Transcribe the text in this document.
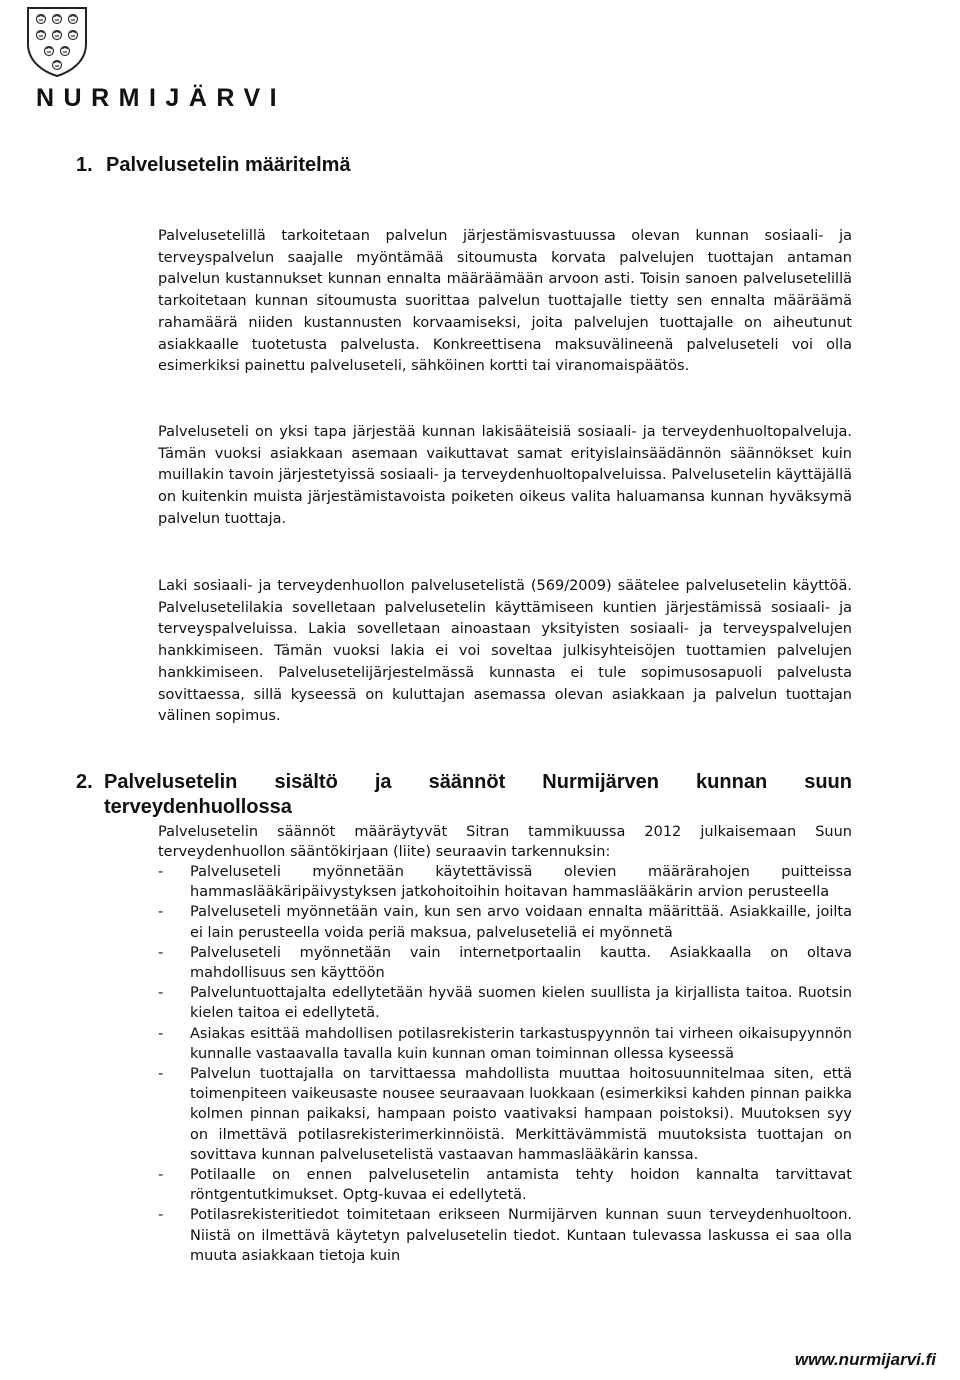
NURMIJÄRVI
1. Palvelusetelin määritelmä

Palvelusetelillä tarkoitetaan palvelun järjestämisvastuussa olevan kunnan sosiaali- ja terveyspalvelun saajalle myöntämää sitoumusta korvata palvelujen tuottajan antaman palvelun kustannukset kunnan ennalta määräämään arvoon asti. Toisin sanoen palvelusetelillä tarkoitetaan kunnan sitoumusta suorittaa palvelun tuottajalle tietty sen ennalta määräämä rahamäärä niiden kustannusten korvaamiseksi, joita palvelujen tuottajalle on aiheutunut asiakkaalle tuotetusta palvelusta. Konkreettisena maksuvälineenä palveluseteli voi olla esimerkiksi painettu palveluseteli, sähköinen kortti tai viranomaispäätös.

Palveluseteli on yksi tapa järjestää kunnan lakisääteisiä sosiaali- ja terveydenhuoltopalveluja. Tämän vuoksi asiakkaan asemaan vaikuttavat samat erityislainsäädännön säännökset kuin muillakin tavoin järjestetyissä sosiaali- ja terveydenhuoltopalveluissa. Palvelusetelin käyttäjällä on kuitenkin muista järjestämistavoista poiketen oikeus valita haluamansa kunnan hyväksymä palvelun tuottaja.

Laki sosiaali- ja terveydenhuollon palvelusetelistä (569/2009) säätelee palvelusetelin käyttöä. Palvelusetelilakia sovelletaan palvelusetelin käyttämiseen kuntien järjestämissä sosiaali- ja terveyspalveluissa. Lakia sovelletaan ainoastaan yksityisten sosiaali- ja terveyspalvelujen hankkimiseen. Tämän vuoksi lakia ei voi soveltaa julkisyhteisöjen tuottamien palvelujen hankkimiseen. Palvelusetelijärjestelmässä kunnasta ei tule sopimusosapuoli palvelusta sovittaessa, sillä kyseessä on kuluttajan asemassa olevan asiakkaan ja palvelun tuottajan välinen sopimus.

2. Palvelusetelin sisältö ja säännöt Nurmijärven kunnan suun
terveydenhuollossa

Palvelusetelin säännöt määräytyvät Sitran tammikuussa 2012 julkaisemaan Suun terveydenhuollon sääntökirjaan (liite) seuraavin tarkennuksin:

- Palveluseteli myönnetään käytettävissä olevien määrärahojen puitteissa hammaslääkäripäivystyksen jatkohoitoihin hoitavan hammaslääkärin arvion perusteella
- Palveluseteli myönnetään vain, kun sen arvo voidaan ennalta määrittää. Asiakkaille, joilta ei lain perusteella voida periä maksua, palveluseteliä ei myönnetä
- Palveluseteli myönnetään vain internetportaalin kautta. Asiakkaalla on oltava mahdollisuus sen käyttöön
- Palveluntuottajalta edellytetään hyvää suomen kielen suullista ja kirjallista taitoa. Ruotsin kielen taitoa ei edellytetä.
- Asiakas esittää mahdollisen potilasrekisterin tarkastuspyynnön tai virheen oikaisupyynnön kunnalle vastaavalla tavalla kuin kunnan oman toiminnan ollessa kyseessä
- Palvelun tuottajalla on tarvittaessa mahdollista muuttaa hoitosuunnitelmaa siten, että toimenpiteen vaikeusaste nousee seuraavaan luokkaan (esimerkiksi kahden pinnan paikka kolmen pinnan paikaksi, hampaan poisto vaativaksi hampaan poistoksi). Muutoksen syy on ilmettävä potilasrekisterimerkinnöistä. Merkittävämmistä muutoksista tuottajan on sovittava kunnan palvelusetelistä vastaavan hammaslääkärin kanssa.
- Potilaalle on ennen palvelusetelin antamista tehty hoidon kannalta tarvittavat röntgentutkimukset. Optg-kuvaa ei edellytetä.
- Potilasrekisteritiedot toimitetaan erikseen Nurmijärven kunnan suun terveydenhuoltoon. Niistä on ilmettävä käytetyn palvelusetelin tiedot. Kuntaan tulevassa laskussa ei saa olla muuta asiakkaan tietoja kuin
www.nurmijarvi.fi
